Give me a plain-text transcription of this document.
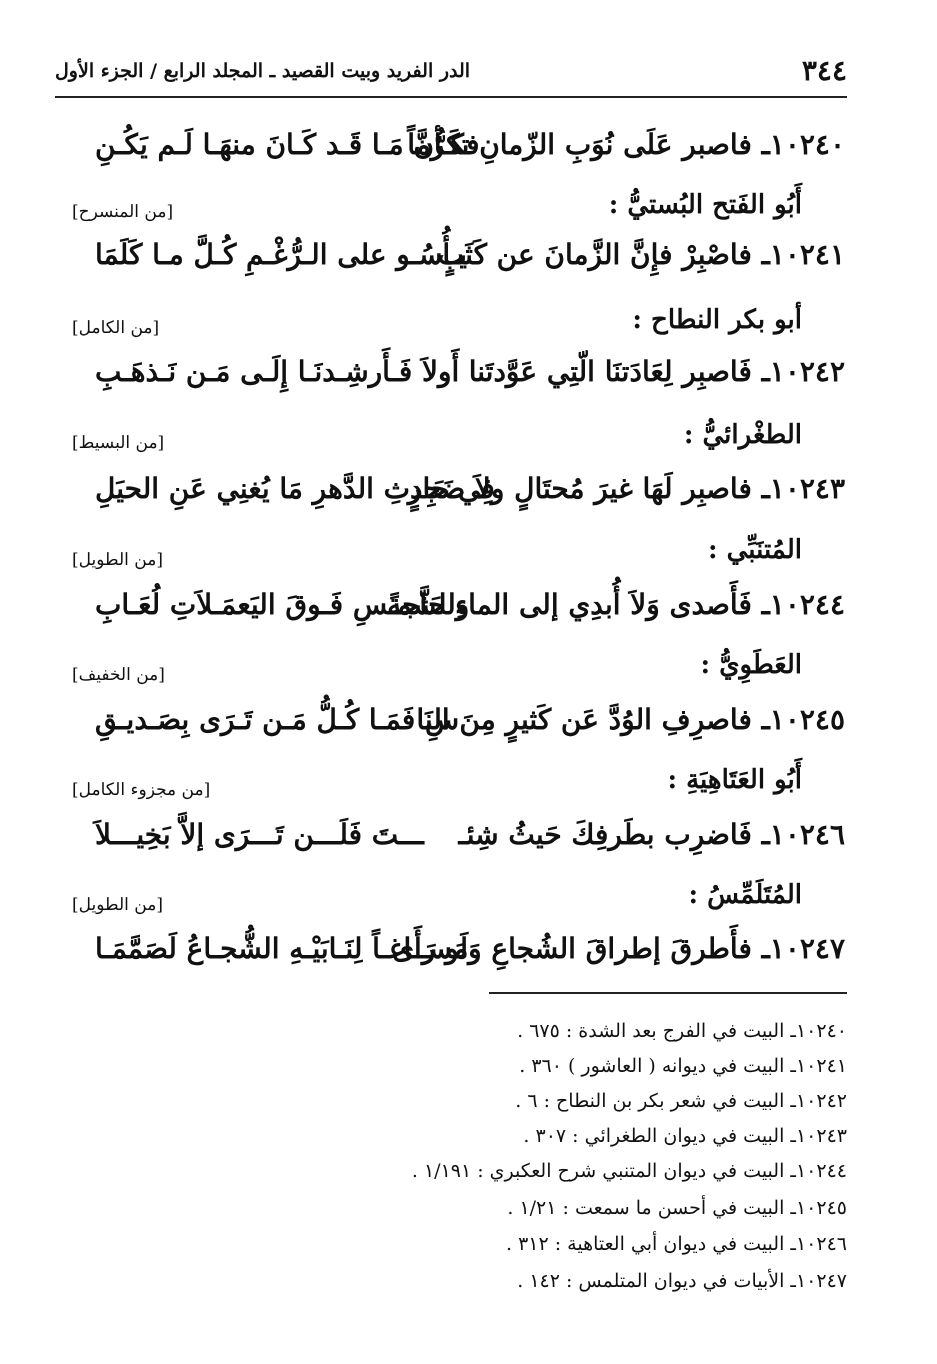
٣٤٤
الدر الفريد وبيت القصيد ـ المجلد الرابع / الجزء الأول
١٠٢٤٠ـ فاصبر عَلَى نُوَبِ الزّمانِ تكرُّماً
فكَـأنَّ مَـا قَـد كَـانَ منهَـا لَـم يَكُـنِ
أَبُو الفَتح البُستيُّ :
[من المنسرح]
١٠٢٤١ـ فاصْبِرْ فإِنَّ الزَّمانَ عن كَثَبٍ
يـأُسُـو على الـرُّغْـمِ كُـلَّ مـا كَلَمَا
أبو بكر النطاح :
[من الكامل]
١٠٢٤٢ـ فَاصبِر لِعَادَتنَا الّتِي عَوَّدتَنا
أَولاَ فَـأَرشِـدنَـا إِلَـى مَـن نَـذهَـبِ
الطغْرائيُّ :
[من البسيط]
١٠٢٤٣ـ فاصبِر لَهَا غيرَ مُحتَالٍ ولاَ ضَجِرٍ
فِي حَادثِ الدَّهرِ مَا يُغنِي عَنِ الحيَلِ
المُتنَبِّي :
[من الطويل]
١٠٢٤٤ـ فَأَصدى وَلاَ أُبدِي إلى الماءِ حَاجةً
وللشَّمـسِ فَـوقَ اليَعمَـلاَتِ لُعَـابِ
العَطَوِيُّ :
[من الخفيف]
١٠٢٤٥ـ فاصرِفِ الوُدَّ عَن كَثيرٍ مِنَ النَا
سِ فَمَـا كُـلُّ مَـن تَـرَى بِصَـديـقِ
أَبُو العَتَاهِيَةِ :
[من مجزوء الكامل]
١٠٢٤٦ـ فَاضرِب بطَرفِكَ حَيثُ شِئـ
ـــتَ فَلَـــن تَـــرَى إلاَّ بَخِيـــلاَ
المُتَلَمِّسُ :
[من الطويل]
١٠٢٤٧ـ فأَطرقَ إطراقَ الشُجاعِ وَلَو رَأَى
مَســاغـاً لِنَـابَيْـهِ الشُّجـاعُ لَصَمَّمَـا
١٠٢٤٠ـ البيت في الفرج بعد الشدة : ٦٧٥ .
١٠٢٤١ـ البيت في ديوانه ( العاشور ) ٣٦٠ .
١٠٢٤٢ـ البيت في شعر بكر بن النطاح : ٦ .
١٠٢٤٣ـ البيت في ديوان الطغرائي : ٣٠٧ .
١٠٢٤٤ـ البيت في ديوان المتنبي شرح العكبري : ١/١٩١ .
١٠٢٤٥ـ البيت في أحسن ما سمعت : ١/٢١ .
١٠٢٤٦ـ البيت في ديوان أبي العتاهية : ٣١٢ .
١٠٢٤٧ـ الأبيات في ديوان المتلمس : ١٤٢ .
